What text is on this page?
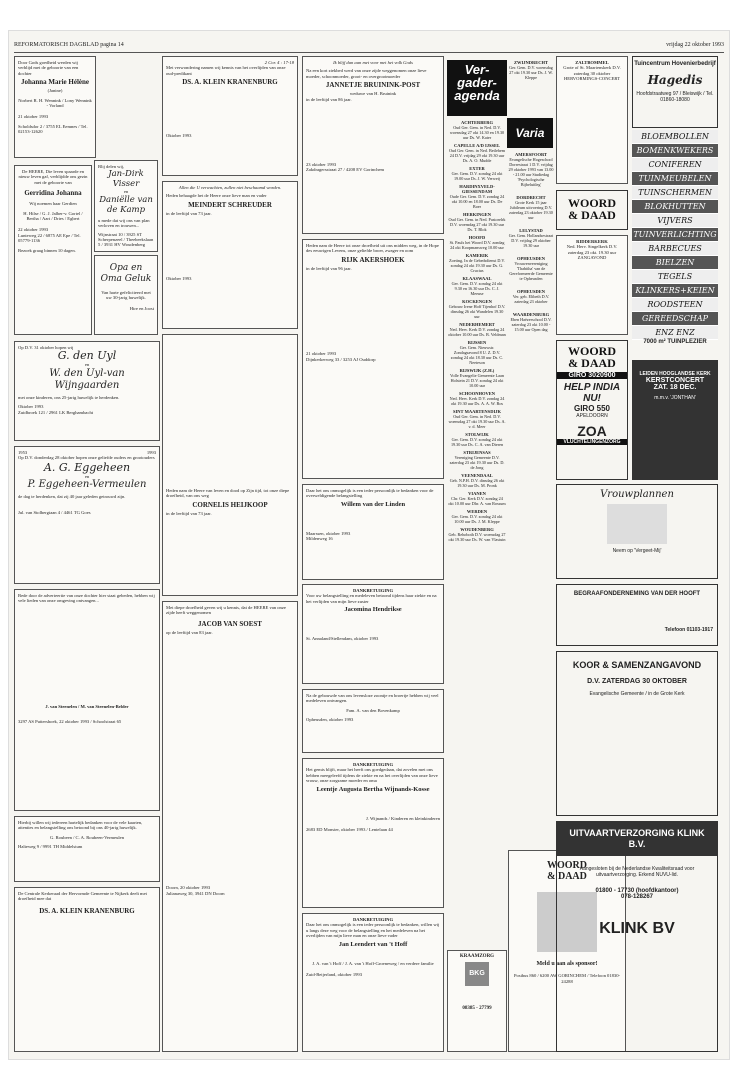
REFORMATORISCH DAGBLAD pagina 14	vrijdag 22 oktober 1993
Door Gods goedheid werden wij verblijd met de geboorte van een dochter
Johanna Marie Hélène
(Janine)
Norbert R. H. Wennink / Lony Wennink - Vorland
21 oktober 1993
Scholdsdor 2 / 3755 EL Eemnes / Tel. 02153-12620
De HEERE, Die leven spaarde en nieuw leven gaf, verblijdde ons gezin met de geboorte van
Gerridina Johanna
Wij noemen haar Gerdien
H. Hilse / G. J. Jalber-v. Gortel / Bertha / Aart / Dries / Egbert
22 oktober 1993
Lunteweg 22 / 6875 AE Epe / Tel. 05779-1136
Bezoek graag binnen 10 dagen.
Blij delen wij,
Jan-Dirk Visser
en
Daniëlle van de Kamp
u mede dat wij ons van plan verloven en trouwen...
Wijnstraat 10 / 3925 ST Scherpenzeel / Theebeekslaan 5 / 3931 HV Woudenberg
Opa en Oma Geluk
Van harte gefeliciteerd met uw 30-jarig huwelijk.
Hire en Joost
Op D.V. 31 oktober hopen wij
G. den Uyl
en
W. den Uyl-van Wijngaarden
met onze kinderen, ons 25-jarig huwelijk te herdenken.
Oktober 1993
Zuidbroek 121 / 2961 LK Berghambacht
1953	1993
Op D.V. donderdag 28 oktober hopen onze geliefde ouders en grootouders
A. G. Eggeheen
en
P. Eggeheen-Vermeulen
de dag te herdenken, dat zij 40 jaar geleden getrouwd zijn.
Jul. van Stolbergiaan 4 / 4461 TG Goes
Bede door de adverteertie van onze dochter hier staat gebeden, hebben wij vele lieden van onze omgeving ontvangen...
J. van Steenelen / M. van Steenelen-Belder
3297 AS Puttershoek, 22 oktober 1993 / Schoolstraat 65
Hierbij willen wij iedereen hartelijk bedanken voor de vele kaarten, attenties en belangstelling ons betoond bij ons 40-jarig huwelijk.
G. Roubeen / C. A. Roubeen-Vermeulen
Halteweg 9 / 9991 TH Middelstum
De Centrale Kerkeraad der Hervormde Gemeente te Nijkerk deelt met droefheid mee dat
DS. A. KLEIN KRANENBURG
2 Cor. 4 : 17-18
Met verwondering namen wij kennis van het overlijden van onze oud-predikant
DS. A. KLEIN KRANENBURG
Oktober 1993
Allen die U verwachten, zullen niet beschaamd worden.
Heden behaagde het de Heere onze lieve man en vader
MEINDERT SCHREUDER
in de leeftijd van 73 jaar.
Oktober 1993
Heden nam de Heere van leven en dood op Zijn tijd, tot onze diepe droefheid, van ons weg
CORNELIS HEIJKOOP
in de leeftijd van 73 jaar.
Met diepe droefheid geven wij u kennis, dat de HEERE van onze zijde heeft weggenomen
JACOB VAN SOEST
op de leeftijd van 83 jaar.
Doorn, 20 oktober 1993
Julianaweg 30, 3941 DN Doorn
Ik blijf dan aan met voor met het volk Gods
Na een kort ziekbed werd van onze zijde weggenomen onze lieve moeder, schoonmoeder, groot- en overgrootmoeder
JANNETJE BRUININK-POST
weduwe van H. Bruinink
in de leeftijd van 86 jaar.
23 oktober 1993
Zakdragersstraat 27 / 4208 EV Gorinchem
Heden nam de Heere tot onze droefheid uit ons midden weg, in de Hope des eeuwigen Levens, onze geliefde broer, zwager en oom
RIJK AKERSHOEK
in de leeftijd van 96 jaar.
21 oktober 1993
Dijnkerkerweg 33 / 3253 AJ Ouddorp
Daar het ons onmogelijk is een ieder persoonlijk te bedanken voor de overweldigende belangstelling
Willem van der Linden
Maarssen, oktober 1993
Mildenweg 16
DANKBETUIGING
Voor uw belangstelling en medeleven betoond tijdens haar ziekte en na het verlijden van mijn lieve zuster
Jacomina Hendrikse
St. Annaland/Stellendam, oktober 1993
Na de gebouwde van ons levensloze zoontje en broertje hebben wij veel medeleven ontvangen.
Fam. A. van den Bovenkamp
Opheusden, oktober 1993
DANKBETUIGING
Het gemis blijft, maar het heeft ons goedgedaan, dat zovelen met ons hebben meegeleefd tijdens de ziekte en na het overlijden van onze lieve vrouw, onze zorgzame moeder en oma
Leentje Augusta Bertha Wijnands-Kosse
J. Wijnands / Kinderen en kleinkinderen
2683 ED Monster, oktober 1993 / Lentelaan 44
DANKBETUIGING
Daar het ons onmogelijk is een ieder persoonlijk te bedanken, willen wij u langs deze weg voor de belangstelling en het medeleven na het overlijden van mijn lieve man en onze lieve vader
Jan Leendert van 't Hoff
J. A. van 't Hoff / J. A. van 't Hoff-Groeneweg / en verdere familie
Zuid-Beijerland, oktober 1993
Ver-
gader-
agenda
ACHTERBERG
Oud Ger. Gem. in Ned. D.V. woensdag 27 okt 14.30 en 19.30 uur Ds. W. Kater
CAPELLE A/D IJSSEL
Oud Ger. Gem. in Ned. Betlehem 24 D.V. vrijdag 29 okt 19.30 uur Ds. A. O. Mudde
EXTER
Ger. Gem. D.V. zondag 24 okt 19.00 uur Ds. J. W. Verweij
HARDINXVELD-GIESSENDAM
Oude Ger. Gem. D.V. zondag 24 okt 10.00 en 18.00 uur Ds. De Boer
HERKINGEN
Oud Ger. Gem. in Ned. Pastorelrk D.V. woensdag 27 okt 19.30 uur Ds. T. Blok
HOOFD
St. Pauls het Woord D.V. zondag 24 okt Koopmansweg 10.00 uur
KAMERIK
Zoeting, In de Gebedsdienst D.V. zondag 24 okt 19.30 uur Ds. G. Crucius
KLAASWAAL
Ger. Gem. D.V. zondag 24 okt 9.30 en 16.30 uur Ds. C. J. Meeuse
KOCKENGEN
Gebouw Irene Hoff Tijenhof D.V. dinsdag 26 okt Wandelen 19.30 uur
NEDERHEMERT
Ned. Herv. Kerk D.V. zondag 24 oktober 10.00 uur Ds. B. Veldman
RIJSSEN
Ger. Gem. Nieuwstr. Zondagsavond 8 U. Z. D.V. zondag 24 okt 18.30 uur Ds. C. Neeteson
RIJSWIJK (Z.H.)
Volle Evangelie Gemeente Laan Holstein 21 D.V. zondag 24 okt 10.00 uur
SCHOONHOVEN
Ned. Herv. Kerk D.V. zondag 24 okt 19.30 uur Ds. A. A. W. Bos
SINT MAARTENSDIJK
Oud Ger. Gem. in Ned. D.V. woensdag 27 okt 19.30 uur Ds. A. v. d. Meer
STOLWIJK
Ger. Gem. D.V. zondag 24 okt 19.30 uur Ds. C. A. van Dieren
STRIJENSAS
Vereniging Gemeente D.V. zaterdag 23 okt 19.30 uur Ds. D. de Jong
VEENENDAAL
Geb. N.P.H. D.V. dinsdag 26 okt 19.30 uur Ds. M. Pronk
VIANEN
Chr. Ger. Kerk D.V. zondag 24 okt 10.00 uur Dhr. A. van Rossum
WERDEN
Ger. Gem. D.V. zondag 24 okt 10.00 uur Ds. J. M. Kleppe
WOUDENBERG
Geb. Rehoboth D.V. woensdag 27 okt 19.30 uur Ds. W. van Vlastuin
KRAAMZORG
BKG
08385 - 27799
Varia
ZWIJNDRECHT
Ger. Gem. D.V. woensdag 27 okt 19.30 uur Ds. J. W. Kleppe
AMERSFOORT
Evangelische Hogeschool Dorrestraat 1 D.V. vrijdag 29 oktober 1993 van 13.00 - 21.00 uur Studiedag 'Psychologische Bijbeluitleg'
DORDRECHT
Grote Kerk 15 jaar Jubileum uitvoering D.V. zaterdag 23 oktober 19.30 uur
LELYSTAD
Ger. Gem. Hollandsestraat D.V. vrijdag 29 oktober 19.30 uur
OPHEUSDEN
Vrouwenvereniging 'Thabitha' van de Gereformeerde Gemeente te Opheusden
OPHEUSDEN
Ver. geb. Elibeth D.V. zaterdag 23 oktober
WAARDENBURG
Eben Haëzerschool D.V. zaterdag 23 okt 10.00 - 15.00 uur Open dag
WOORD
& DAAD
Meld u aan als sponsor!
Postbus 860 / 6200 AW GORINCHEM / Telefoon 01830-24288
ZALTBOMMEL
Grote of St. Maartenskerk D.V. zaterdag 30 oktober HERVORMINGS-CONCERT
Tuincentrum Hovenierbedrijf
Hagedis
Hoofdstraatweg 97 / Bleiswijk / Tel. 01860-18080
BLOEMBOLLEN
BOMENKWEKERS
CONIFEREN
TUINMEUBELEN
TUINSCHERMEN
BLOKHUTTEN
VIJVERS
TUINVERLICHTING
BARBECUES
BIELZEN
TEGELS
KLINKERS+KEIEN
ROODSTEEN
GEREEDSCHAP
ENZ ENZ
7000 m² TUINPLEZIER
WOORD
& DAAD
RIDDERKERK
Ned. Herv. Singelkerk D.V. zaterdag 23 okt. 19.30 uur ZANGAVOND
WOORD
& DAAD
GIRO 3020900
HELP INDIA NU!
GIRO 550
APELDOORN
ZOA
VLUCHTELINGENZORG
LEIDEN HOOGLANDSE KERK
KERSTCONCERT
ZAT. 18 DEC.
m.m.v. 'JONTHAN'
Vrouwplannen
Neem op 'Vergeet-Mij'
BEGRAAFONDERNEMING VAN DER HOOFT
Telefoon 01103-1917
KOOR & SAMENZANGAVOND
D.V. ZATERDAG 30 OKTOBER
Evangelische Gemeente / in de Grote Kerk
UITVAARTVERZORGING KLINK B.V.
Aangesloten bij de Nederlandse Kwaliteitsraad voor uitvaartverzorging. Erkend NUVU-lid.
01800 - 17730 (hoofdkantoor)
078-128267
KLINK BV
